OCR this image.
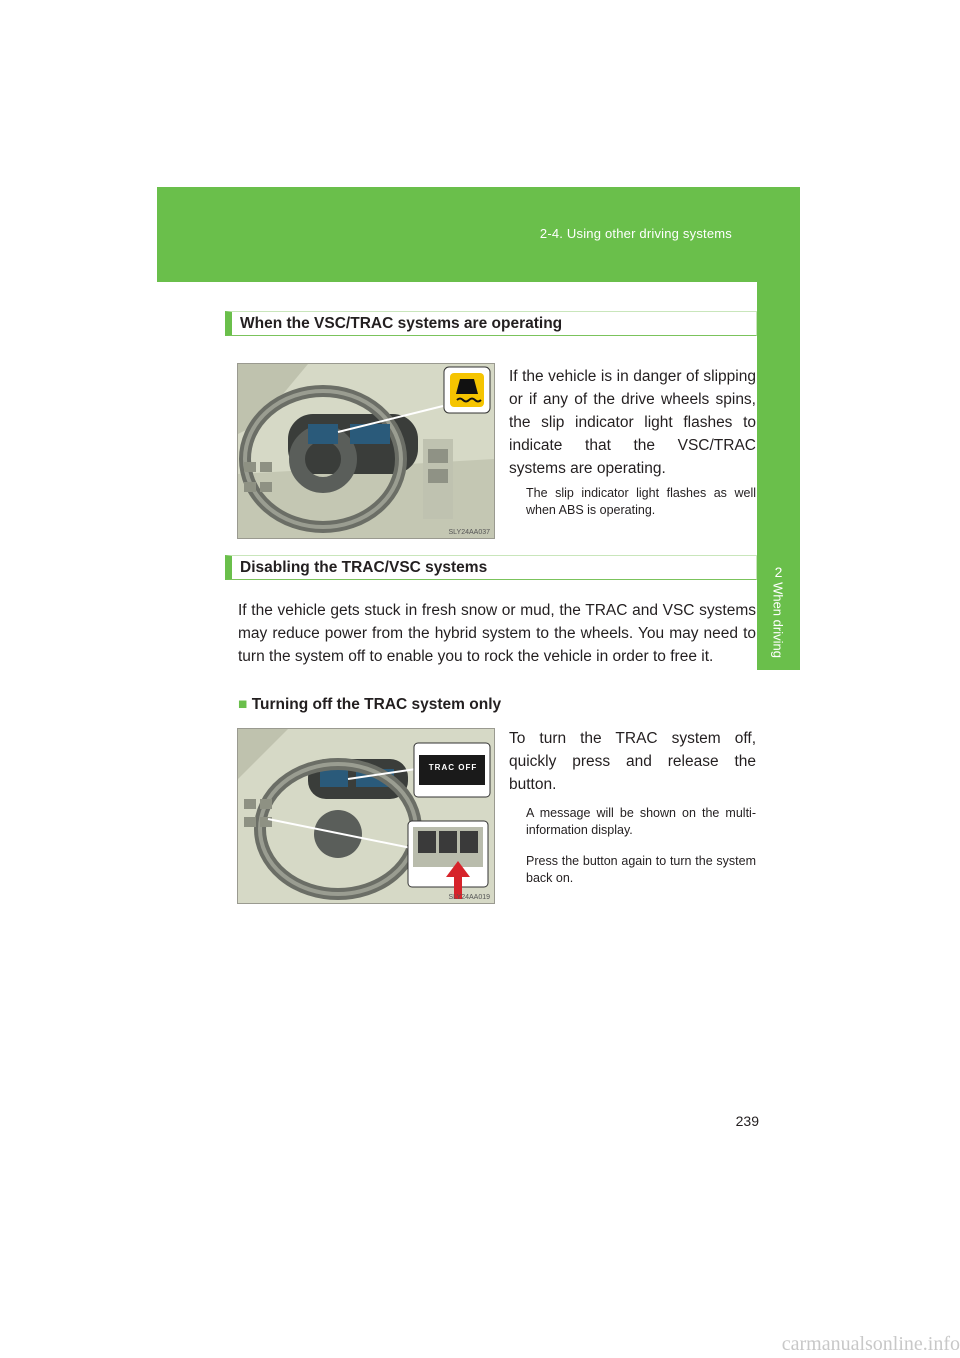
2-4. Using other driving systems
2
When driving
When the VSC/TRAC systems are operating
SLY24AA037
If the vehicle is in danger of slipping or if any of the drive wheels spins, the slip indicator light flashes to indicate that the VSC/TRAC systems are operating.
The slip indicator light flashes as well when ABS is operating.
Disabling the TRAC/VSC systems
If the vehicle gets stuck in fresh snow or mud, the TRAC and VSC systems may reduce power from the hybrid system to the wheels. You may need to turn the system off to enable you to rock the vehicle in order to free it.
■ Turning off the TRAC system only
TRAC OFF
SLY24AA019
To turn the TRAC system off, quickly press and release the button.
A message will be shown on the multi-information display.
Press the button again to turn the system back on.
239
carmanualsonline.info
